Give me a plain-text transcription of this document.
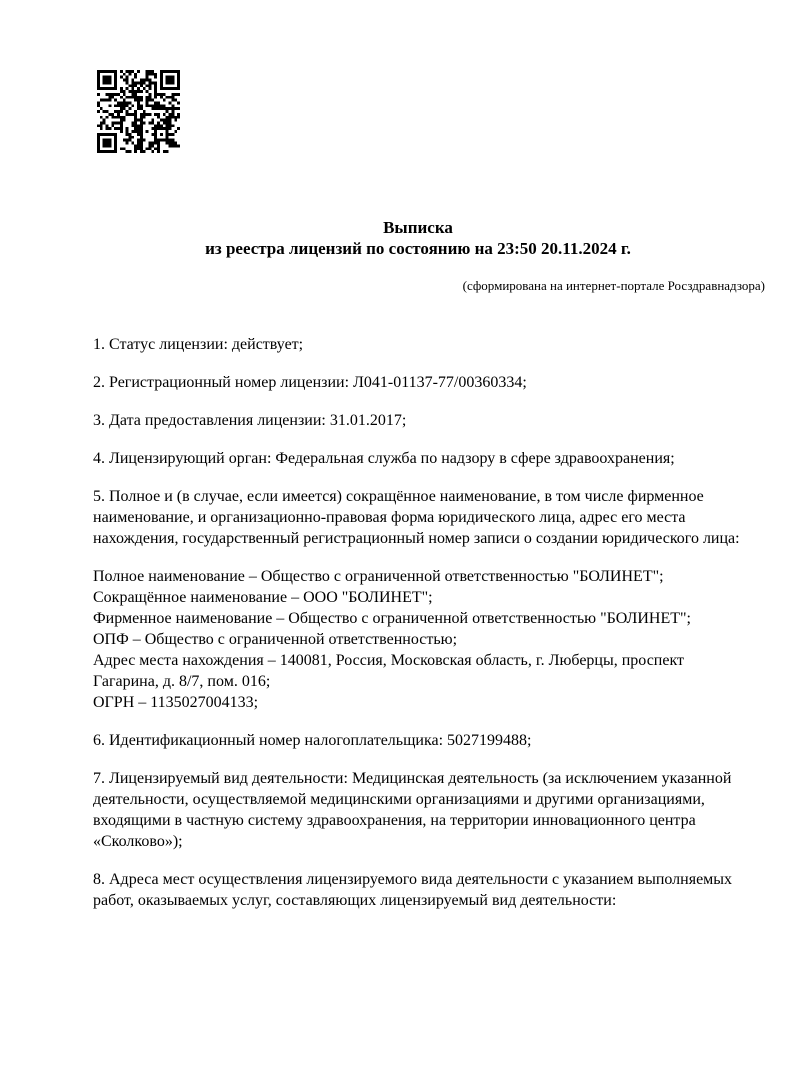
Выписка
из реестра лицензий по состоянию на 23:50 20.11.2024 г.
(сформирована на интернет-портале Росздравнадзора)

1. Статус лицензии: действует;

2. Регистрационный номер лицензии: Л041-01137-77/00360334;

3. Дата предоставления лицензии: 31.01.2017;

4. Лицензирующий орган: Федеральная служба по надзору в сфере здравоохранения;

5. Полное и (в случае, если имеется) сокращённое наименование, в том числе фирменное наименование, и организационно-правовая форма юридического лица, адрес его места нахождения, государственный регистрационный номер записи о создании юридического лица:

Полное наименование – Общество с ограниченной ответственностью "БОЛИНЕТ";
Сокращённое наименование – ООО "БОЛИНЕТ";
Фирменное наименование – Общество с ограниченной ответственностью "БОЛИНЕТ";
ОПФ – Общество с ограниченной ответственностью;
Адрес места нахождения – 140081, Россия, Московская область, г. Люберцы, проспект Гагарина, д. 8/7, пом. 016;
ОГРН – 1135027004133;

6. Идентификационный номер налогоплательщика: 5027199488;

7. Лицензируемый вид деятельности: Медицинская деятельность (за исключением указанной деятельности, осуществляемой медицинскими организациями и другими организациями, входящими в частную систему здравоохранения, на территории инновационного центра «Сколково»);

8. Адреса мест осуществления лицензируемого вида деятельности с указанием выполняемых работ, оказываемых услуг, составляющих лицензируемый вид деятельности:
